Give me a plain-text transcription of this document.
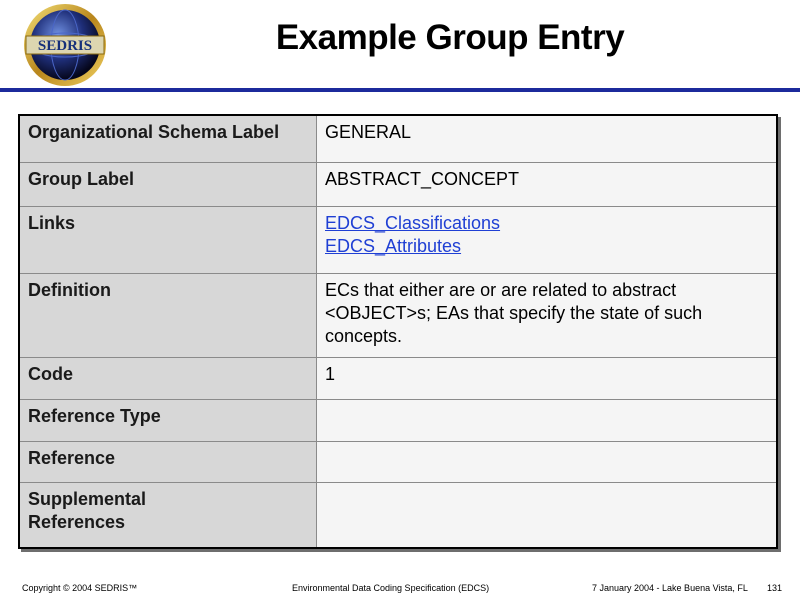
SEDRIS	Example Group Entry
Organizational Schema Label	GENERAL
Group Label	ABSTRACT_CONCEPT
Links	EDCS_Classifications
EDCS_Attributes

Definition	ECs that either are or are related to abstract <OBJECT>s; EAs that specify the state of such concepts.
Code	1
Reference Type	
Reference	
Supplemental References	
Copyright © 2004 SEDRIS™	Environmental Data Coding Specification (EDCS)	7 January 2004 - Lake Buena Vista, FL 131
